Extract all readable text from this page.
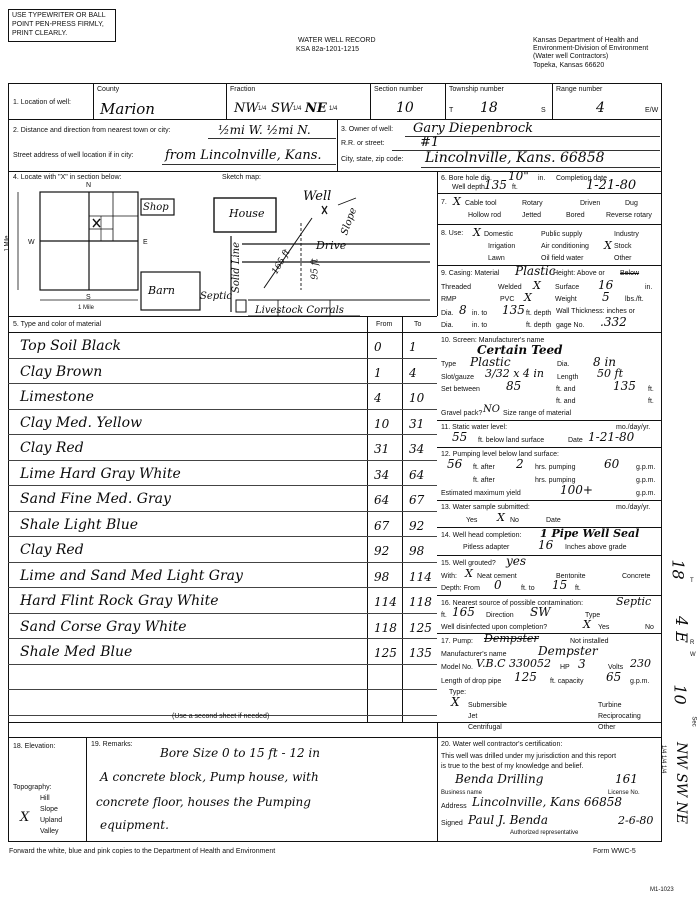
USE TYPEWRITER OR BALL
POINT PEN-PRESS FIRMLY,
PRINT CLEARLY.
WATER WELL RECORD
KSA 82a-1201-1215
Kansas Department of Health and
Environment-Division of Environment
(Water well Contractors)
Topeka, Kansas 66620
1. Location of well:
County
Marion
Fraction
NW 1/4 SW 1/4 NE 1/4
Section number
10
Township number
T 18	S
Range number
4	E/W
2. Distance and direction from nearest town or city:	½mi W. ½mi N.
Street address of well location if in city: from Lincolnville, Kans.
3. Owner of well: Gary Diepenbrock
R.R. or street:	#1
City, state, zip code: Lincolnville, Kans. 66858
4. Locate with "X" in section below:	Sketch map:
N
S
W	E
1 Mile
1 Mile
Shop	House
Well
Barn	Septic
Solid Line	Drive
Slope
165 ft 95 ft
Livestock Corrals
6. Bore hole dia. 10" in. Completion date
Well depth 135 ft.	1-21-80
7. X Cable tool	Rotary	Driven	Dug
Hollow rod	Jetted	Bored	Reverse rotary
8. Use: X Domestic	Public supply	Industry
Irrigation	Air conditioning X Stock
Lawn	Oil field water	Other
9. Casing: Material Plastic
Height: Above or Below
Threaded	Welded X Surface 16	in.
RMP	PVC X	Weight 5 lbs./ft.
Dia. 8 in. to 135 ft. depth Wall Thickness: inches or
Dia.	in. to	ft. depth gage No. .332
5. Type and color of material	From	To
Top Soil Black	0 1
Clay Brown	1 4
Limestone	4 10
Clay Med. Yellow	10 31
Clay Red	31 34
Lime Hard Gray White	34 64
Sand Fine Med. Gray	64 67
Shale Light Blue	67 92
Clay Red	92 98
Lime and Sand Med Light Gray	98 114
Hard Flint Rock Gray White	114 118
Sand Corse Gray White	118 125
Shale Med Blue	125 135
(Use a second sheet if needed)
10. Screen: Manufacturer's name
Certain Teed
Type Plastic	Dia. 8 in
Slot/gauze 3/32 x 4 in Length 50 ft
Set between 85	ft. and	135 ft.
ft. and	ft.
Gravel pack? NO Size range of material
11. Static water level:	mo./day/yr.
55 ft. below land surface	Date 1-21-80
12. Pumping level below land surface:
56 ft. after 2 hrs. pumping 60 g.p.m.
ft. after	hrs. pumping	g.p.m.
Estimated maximum yield	100+	g.p.m.
13. Water sample submitted:	mo./day/yr.
Yes X No	Date
14. Well head completion: 1 Pipe Well Seal
Pitless adapter 16 Inches above grade
15. Well grouted? yes
With: X Neat cement	Bentonite	Concrete
Depth: From 0	ft. to 15 ft.
16. Nearest source of possible contamination:	Septic
ft. 165 Direction SW	Type
Well disinfected upon completion?	X Yes	No
17. Pump: Dempster	Not installed
Manufacturer's name	Dempster
Model No. V.B.C 330052 HP 3	Volts 230
Length of drop pipe 125 ft. capacity 65 g.p.m.
Type:
X Submersible	Turbine
Jet	Reciprocating
Centrifugal	Other
18. Elevation:
Topography:
Hill
Slope
X Upland
Valley
19. Remarks:
Bore Size 0 to 15 ft - 12 in
A concrete block, Pump house, with
concrete floor, houses the Pumping
equipment.
20. Water well contractor's certification:
This well was drilled under my jurisdiction and this report
is true to the best of my knowledge and belief.
Benda Drilling	161
Business name	License No.
Address Lincolnville, Kans 66858
Signed Paul J. Benda	2-6-80
Authorized representative
Forward the white, blue and pink copies to the Department of Health and Environment	Form WWC-5
M1-1023
18
T
4 E
R
W
10
Sec
NW SW NE
1/4 1/4 1/4
